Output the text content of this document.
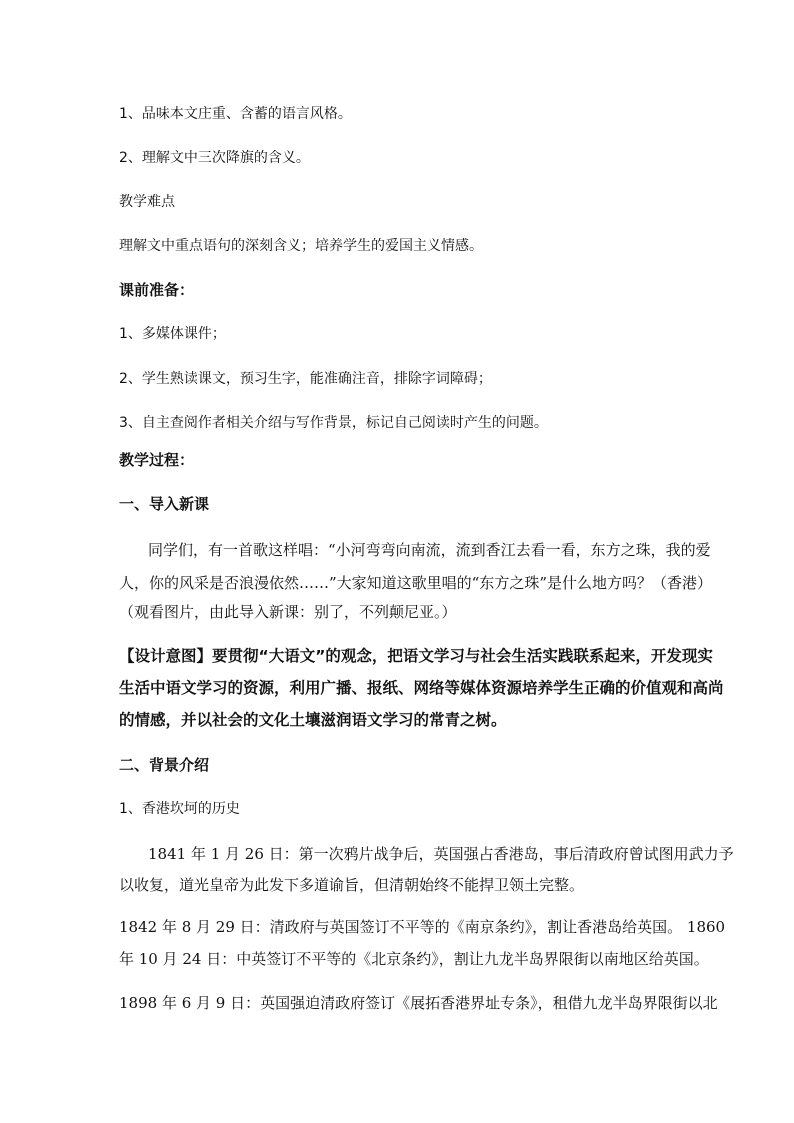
1、品味本文庄重、含蓄的语言风格。
2、理解文中三次降旗的含义。
教学难点
理解文中重点语句的深刻含义；培养学生的爱国主义情感。
课前准备：
1、多媒体课件；
2、学生熟读课文，预习生字，能准确注音，排除字词障碍；
3、自主查阅作者相关介绍与写作背景，标记自己阅读时产生的问题。
教学过程：
一、导入新课
同学们，有一首歌这样唱：“小河弯弯向南流，流到香江去看一看，东方之珠，我的爱
人，你的风采是否浪漫依然……”大家知道这歌里唱的“东方之珠”是什么地方吗？（香港）
（观看图片，由此导入新课：别了，不列颠尼亚。）
【设计意图】要贯彻“大语文”的观念，把语文学习与社会生活实践联系起来，开发现实
生活中语文学习的资源，利用广播、报纸、网络等媒体资源培养学生正确的价值观和高尚
的情感，并以社会的文化土壤滋润语文学习的常青之树。
二、背景介绍
1、香港坎坷的历史
1841 年 1 月 26 日：第一次鸦片战争后，英国强占香港岛，事后清政府曾试图用武力予
以收复，道光皇帝为此发下多道谕旨，但清朝始终不能捍卫领土完整。
1842 年 8 月 29 日：清政府与英国签订不平等的《南京条约》，割让香港岛给英国。 1860
年 10 月 24 日：中英签订不平等的《北京条约》，割让九龙半岛界限街以南地区给英国。
1898 年 6 月 9 日：英国强迫清政府签订《展拓香港界址专条》，租借九龙半岛界限街以北
